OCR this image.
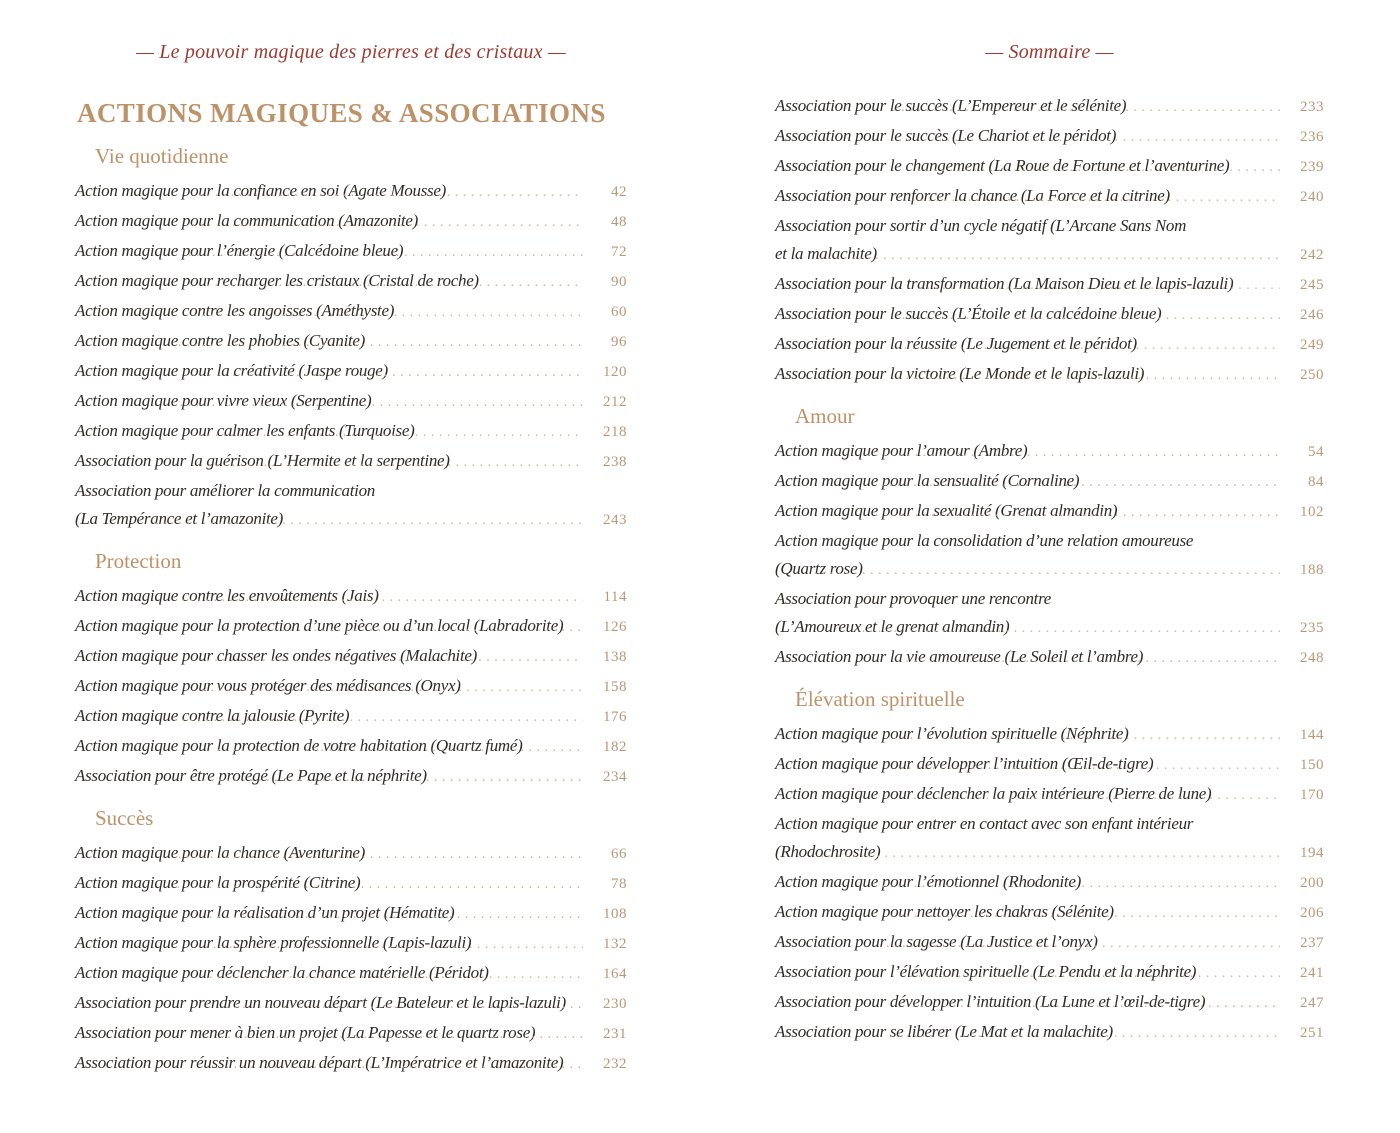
— Le pouvoir magique des pierres et des cristaux —
ACTIONS MAGIQUES & ASSOCIATIONS
Vie quotidienne
Action magique pour la confiance en soi (Agate Mousse) .....	42
Action magique pour la communication (Amazonite) .....	48
Action magique pour l’énergie (Calcédoine bleue) .....	72
Action magique pour recharger les cristaux (Cristal de roche) .....	90
Action magique contre les angoisses (Améthyste) .....	60
Action magique contre les phobies (Cyanite) .....	96
Action magique pour la créativité (Jaspe rouge) .....	120
Action magique pour vivre vieux (Serpentine) .....	212
Action magique pour calmer les enfants (Turquoise) .....	218
Association pour la guérison (L’Hermite et la serpentine) .....	238
Association pour améliorer la communication
(La Tempérance et l’amazonite) .....	243
Protection
Action magique contre les envoûtements (Jais) .....	114
Action magique pour la protection d’une pièce ou d’un local (Labradorite) .....	126
Action magique pour chasser les ondes négatives (Malachite) .....	138
Action magique pour vous protéger des médisances (Onyx) .....	158
Action magique contre la jalousie (Pyrite) .....	176
Action magique pour la protection de votre habitation (Quartz fumé) .....	182
Association pour être protégé (Le Pape et la néphrite) .....	234
Succès
Action magique pour la chance (Aventurine) .....	66
Action magique pour la prospérité (Citrine) .....	78
Action magique pour la réalisation d’un projet (Hématite) .....	108
Action magique pour la sphère professionnelle (Lapis-lazuli) .....	132
Action magique pour déclencher la chance matérielle (Péridot) .....	164
Association pour prendre un nouveau départ (Le Bateleur et le lapis-lazuli) .....	230
Association pour mener à bien un projet (La Papesse et le quartz rose) .....	231
Association pour réussir un nouveau départ (L’Impératrice et l’amazonite) .....	232
— Sommaire —
Association pour le succès (L’Empereur et le sélénite) .....	233
Association pour le succès (Le Chariot et le péridot) .....	236
Association pour le changement (La Roue de Fortune et l’aventurine) .....	239
Association pour renforcer la chance (La Force et la citrine) .....	240
Association pour sortir d’un cycle négatif (L’Arcane Sans Nom
et la malachite) .....	242
Association pour la transformation (La Maison Dieu et le lapis-lazuli) .....	245
Association pour le succès (L’Étoile et la calcédoine bleue) .....	246
Association pour la réussite (Le Jugement et le péridot) .....	249
Association pour la victoire (Le Monde et le lapis-lazuli) .....	250
Amour
Action magique pour l’amour (Ambre) .....	54
Action magique pour la sensualité (Cornaline) .....	84
Action magique pour la sexualité (Grenat almandin) .....	102
Action magique pour la consolidation d’une relation amoureuse
(Quartz rose) .....	188
Association pour provoquer une rencontre
(L’Amoureux et le grenat almandin) .....	235
Association pour la vie amoureuse (Le Soleil et l’ambre) .....	248
Élévation spirituelle
Action magique pour l’évolution spirituelle (Néphrite) .....	144
Action magique pour développer l’intuition (Œil-de-tigre) .....	150
Action magique pour déclencher la paix intérieure (Pierre de lune) .....	170
Action magique pour entrer en contact avec son enfant intérieur
(Rhodochrosite) .....	194
Action magique pour l’émotionnel (Rhodonite) .....	200
Action magique pour nettoyer les chakras (Sélénite) .....	206
Association pour la sagesse (La Justice et l’onyx) .....	237
Association pour l’élévation spirituelle (Le Pendu et la néphrite) .....	241
Association pour développer l’intuition (La Lune et l’œil-de-tigre) .....	247
Association pour se libérer (Le Mat et la malachite) .....	251
